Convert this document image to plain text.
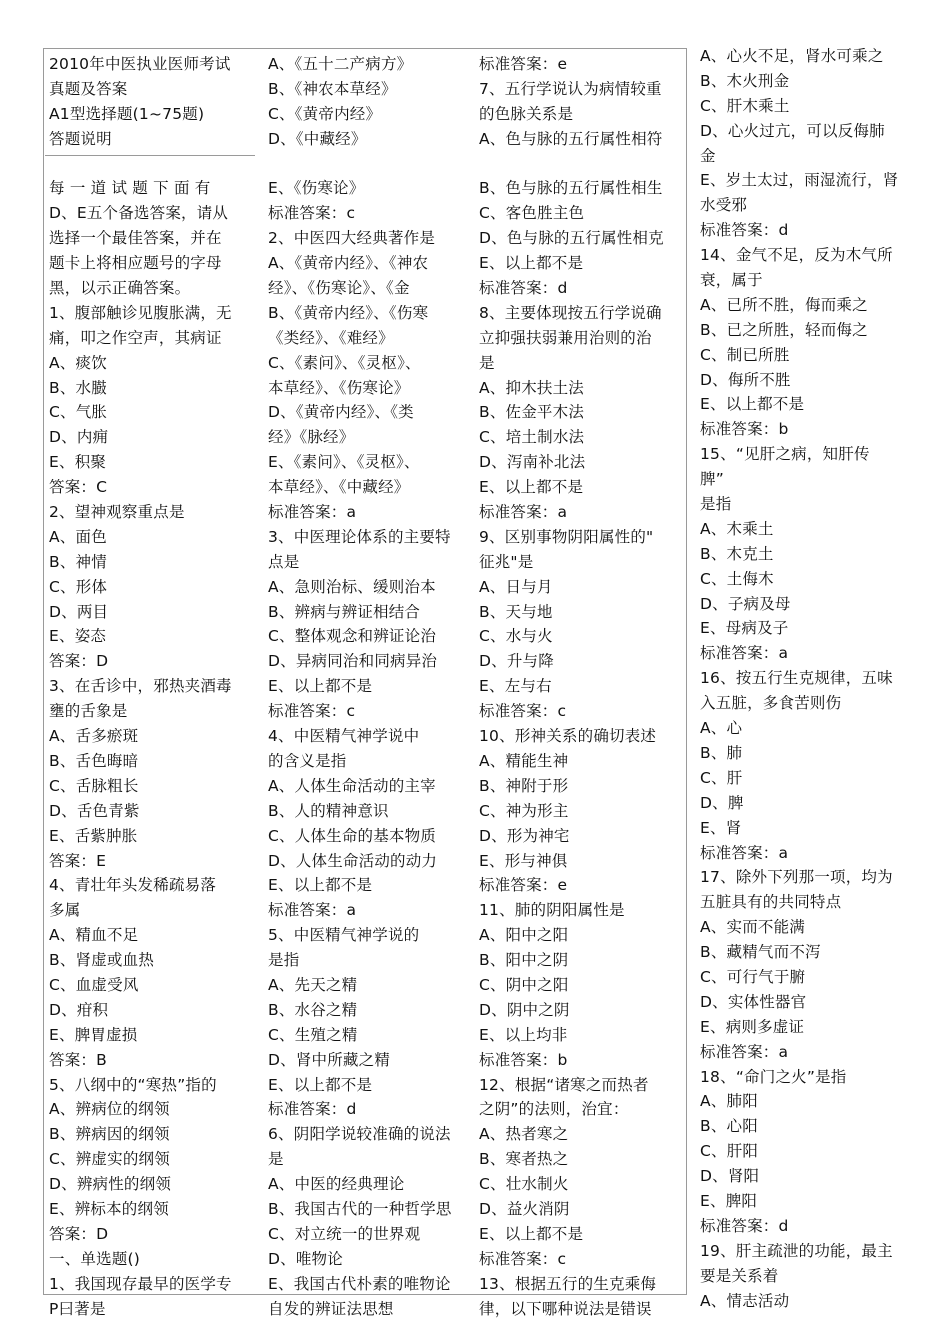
2010年中医执业医师考试
真题及答案
A1型选择题(1~75题)
答题说明
每 一 道 试 题 下 面 有
D、E五个备选答案，请从
选择一个最佳答案，并在
题卡上将相应题号的字母
黑，以示正确答案。
1、腹部触诊见腹胀满，无
痛，叩之作空声，其病证
A、痰饮
B、水臌
C、气胀
D、内痈
E、积聚
答案：C
2、望神观察重点是
A、面色
B、神情
C、形体
D、两目
E、姿态
答案：D
3、在舌诊中，邪热夹酒毒
壅的舌象是
A、舌多瘀斑
B、舌色晦暗
C、舌脉粗长
D、舌色青紫
E、舌紫肿胀
答案：E
4、青壮年头发稀疏易落
多属
A、精血不足
B、肾虚或血热
C、血虚受风
D、疳积
E、脾胃虚损
答案：B
5、八纲中的“寒热”指的
A、辨病位的纲领
B、辨病因的纲领
C、辨虚实的纲领
D、辨病性的纲领
E、辨标本的纲领
答案：D
一、单选题()
1、我国现存最早的医学专
P曰著是
A、《五十二产病方》
B、《神农本草经》
C、《黄帝内经》
D、《中藏经》
E、《伤寒论》
标准答案：c
2、中医四大经典著作是
A、《黄帝内经》、《神农
经》、《伤寒论》、《金
B、《黄帝内经》、《伤寒
《类经》、《难经》
C、《素问》、《灵枢》、
本草经》、《伤寒论》
D、《黄帝内经》、《类
经》《脉经》
E、《素问》、《灵枢》、
本草经》、《中藏经》
标准答案：a
3、中医理论体系的主要特
点是
A、急则治标、缓则治本
B、辨病与辨证相结合
C、整体观念和辨证论治
D、异病同治和同病异治
E、以上都不是
标准答案：c
4、中医精气神学说中
的含义是指
A、人体生命活动的主宰
B、人的精神意识
C、人体生命的基本物质
D、人体生命活动的动力
E、以上都不是
标准答案：a
5、中医精气神学说的
是指
A、先天之精
B、水谷之精
C、生殖之精
D、肾中所藏之精
E、以上都不是
标准答案：d
6、阴阳学说较准确的说法
是
A、中医的经典理论
B、我国古代的一种哲学思
C、对立统一的世界观
D、唯物论
E、我国古代朴素的唯物论
自发的辨证法思想
标准答案：e
7、五行学说认为病情较重
的色脉关系是
A、色与脉的五行属性相符
B、色与脉的五行属性相生
C、客色胜主色
D、色与脉的五行属性相克
E、以上都不是
标准答案：d
8、主要体现按五行学说确
立抑强扶弱兼用治则的治
是
A、抑木扶土法
B、佐金平木法
C、培土制水法
D、泻南补北法
E、以上都不是
标准答案：a
9、区别事物阴阳属性的"
征兆"是
A、日与月
B、天与地
C、水与火
D、升与降
E、左与右
标准答案：c
10、形神关系的确切表述
A、精能生神
B、神附于形
C、神为形主
D、形为神宅
E、形与神俱
标准答案：e
11、肺的阴阳属性是
A、阳中之阳
B、阳中之阴
C、阴中之阳
D、阴中之阴
E、以上均非
标准答案：b
12、根据“诸寒之而热者
之阴”的法则，治宜：
A、热者寒之
B、寒者热之
C、壮水制火
D、益火消阴
E、以上都不是
标准答案：c
13、根据五行的生克乘侮
律，以下哪种说法是错误
A、心火不足，肾水可乘之
B、木火刑金
C、肝木乘土
D、心火过亢，可以反侮肺
金
E、岁土太过，雨湿流行，肾
水受邪
标准答案：d
14、金气不足，反为木气所
衰，属于
A、已所不胜，侮而乘之
B、已之所胜，轻而侮之
C、制已所胜
D、侮所不胜
E、以上都不是
标准答案：b
15、“见肝之病，知肝传
脾”
是指
A、木乘土
B、木克土
C、土侮木
D、子病及母
E、母病及子
标准答案：a
16、按五行生克规律，五味
入五脏，多食苦则伤
A、心
B、肺
C、肝
D、脾
E、肾
标准答案：a
17、除外下列那一项，均为
五脏具有的共同特点
A、实而不能满
B、藏精气而不泻
C、可行气于腑
D、实体性器官
E、病则多虚证
标准答案：a
18、“命门之火”是指
A、肺阳
B、心阳
C、肝阳
D、肾阳
E、脾阳
标准答案：d
19、肝主疏泄的功能，最主
要是关系着
A、情志活动
